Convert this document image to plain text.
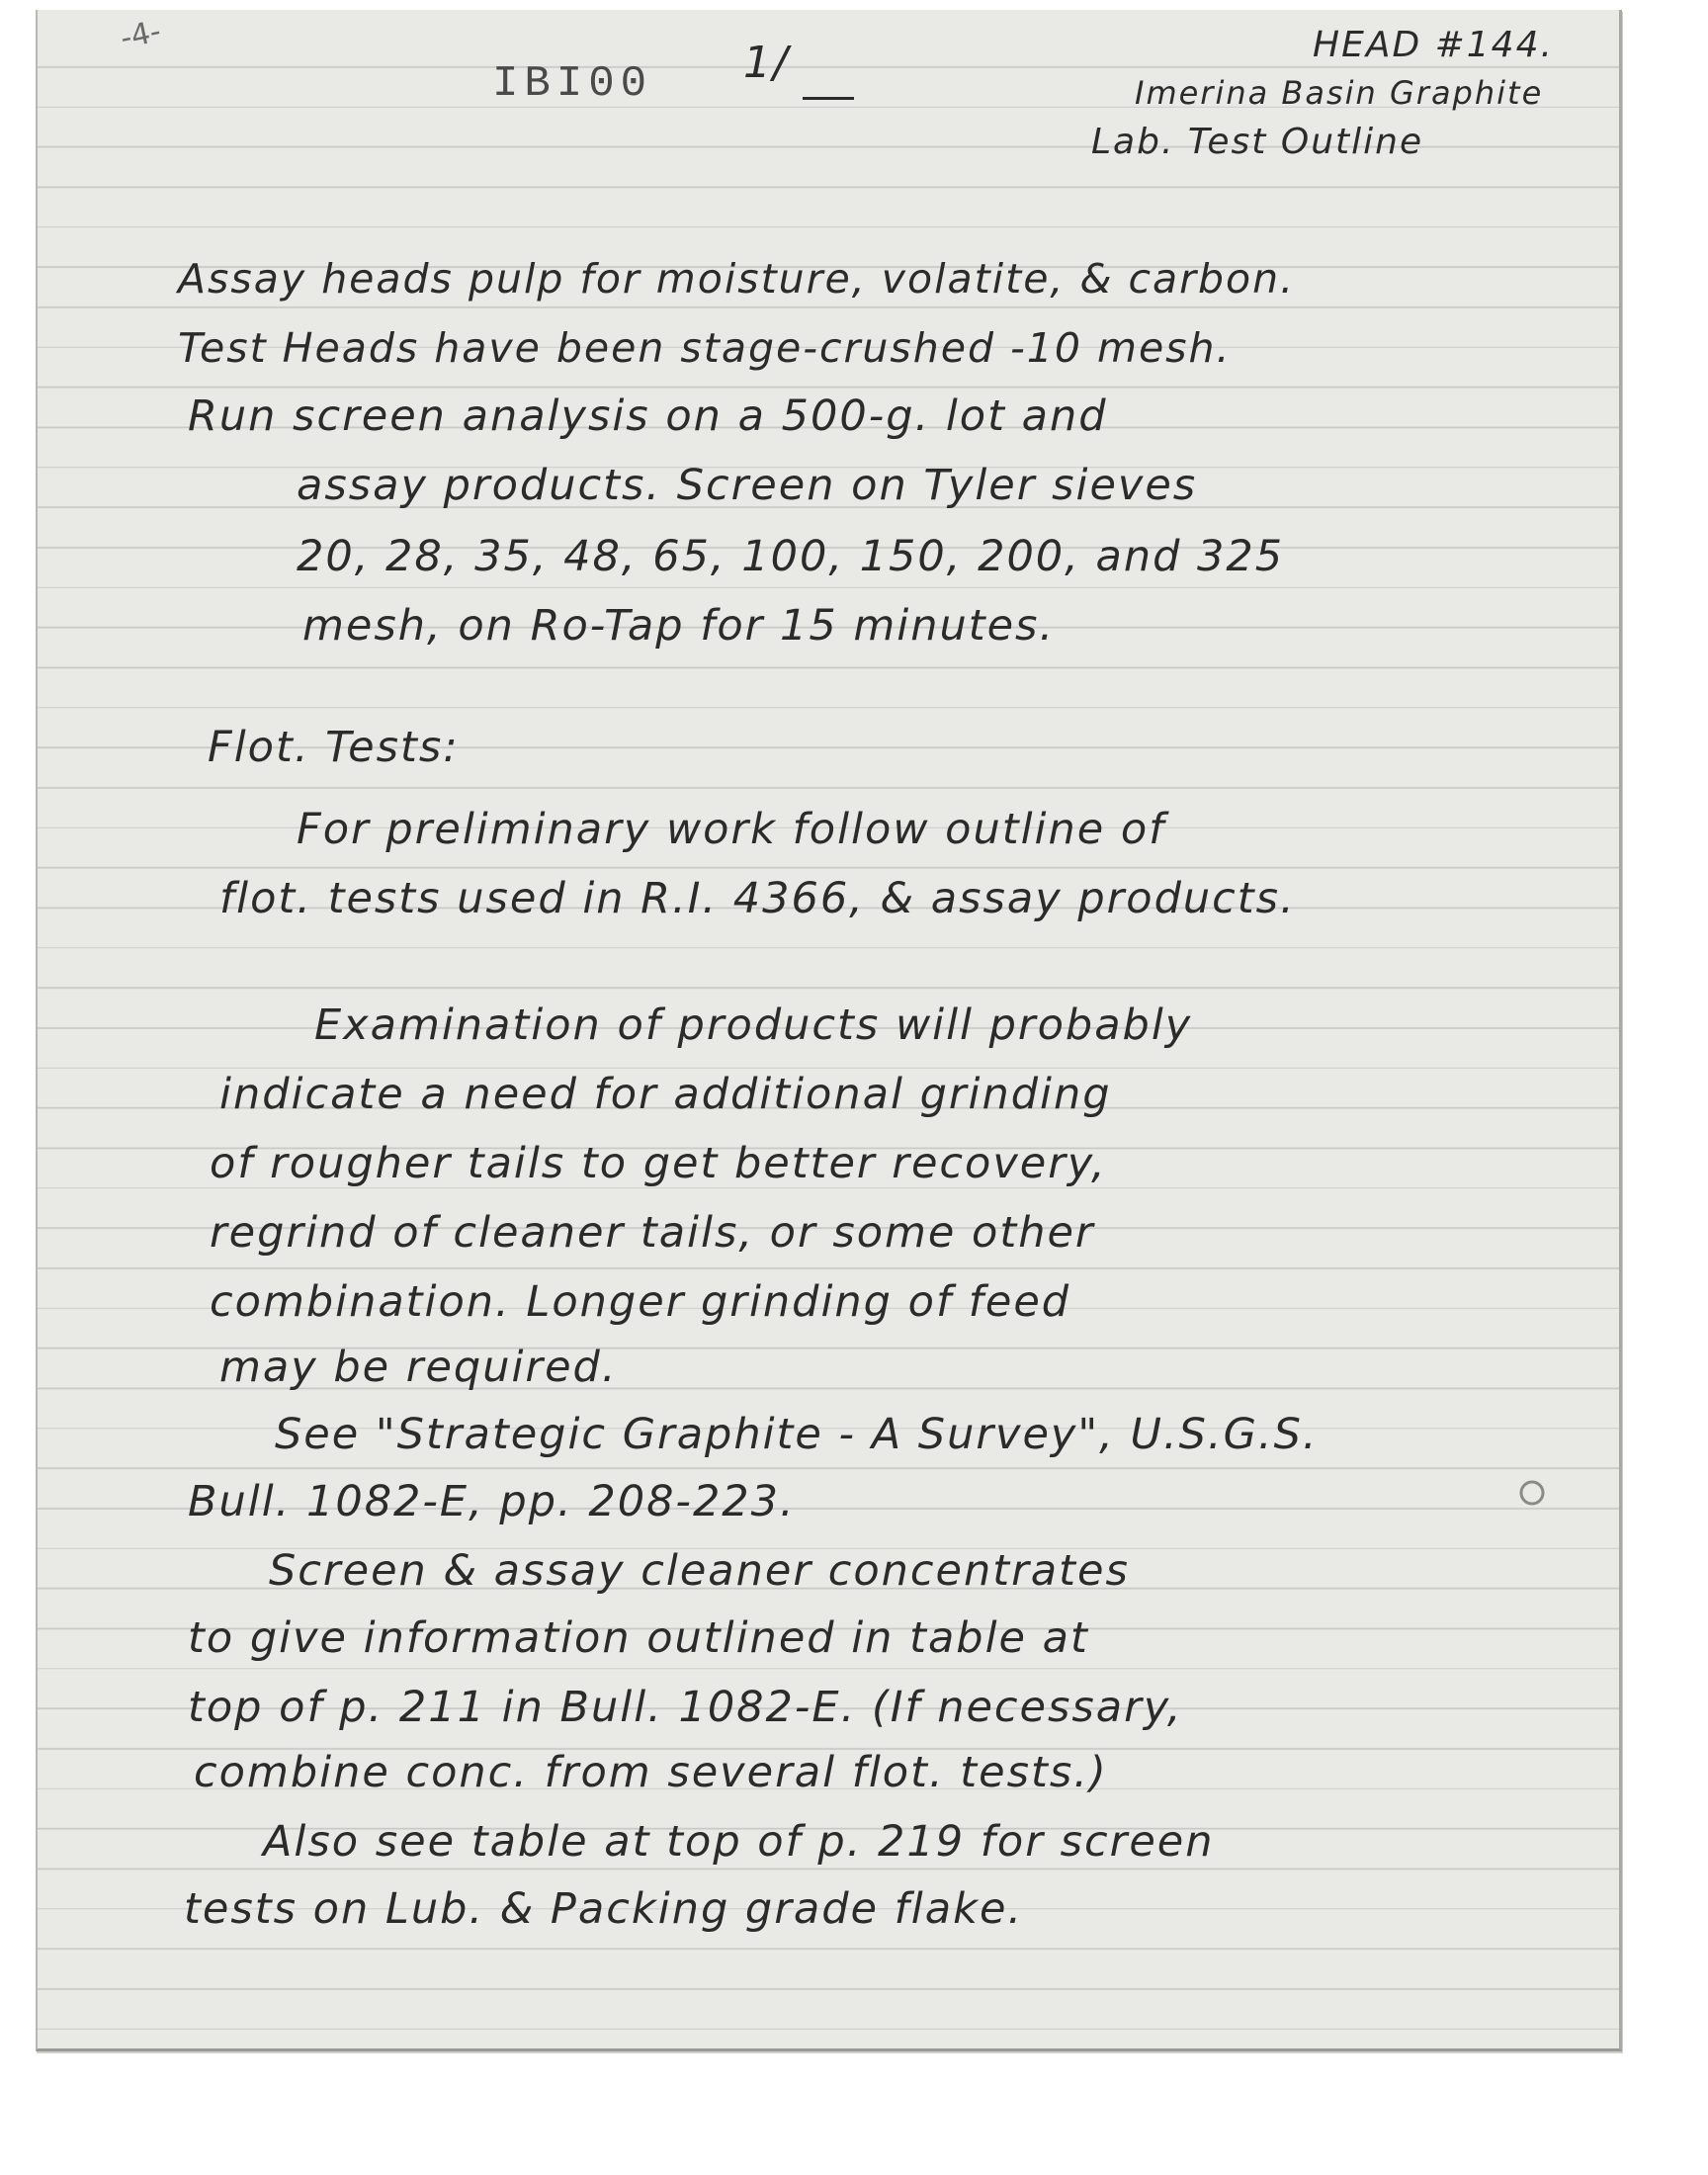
-4-
IBI00 1/	HEAD #144.
Imerina Basin Graphite
Lab. Test Outline
Assay heads pulp for moisture, volatite, & carbon.
Test Heads have been stage-crushed -10 mesh.
Run screen analysis on a 500-g. lot and
assay products. Screen on Tyler sieves
20, 28, 35, 48, 65, 100, 150, 200, and 325
mesh, on Ro-Tap for 15 minutes.
Flot. Tests:
For preliminary work follow outline of
flot. tests used in R.I. 4366, & assay products.
Examination of products will probably
indicate a need for additional grinding
of rougher tails to get better recovery,
regrind of cleaner tails, or some other
combination. Longer grinding of feed
may be required.
See "Strategic Graphite - A Survey", U.S.G.S.
Bull. 1082-E, pp. 208-223.
Screen & assay cleaner concentrates
to give information outlined in table at
top of p. 211 in Bull. 1082-E. (If necessary,
combine conc. from several flot. tests.)
Also see table at top of p. 219 for screen
tests on Lub. & Packing grade flake.
